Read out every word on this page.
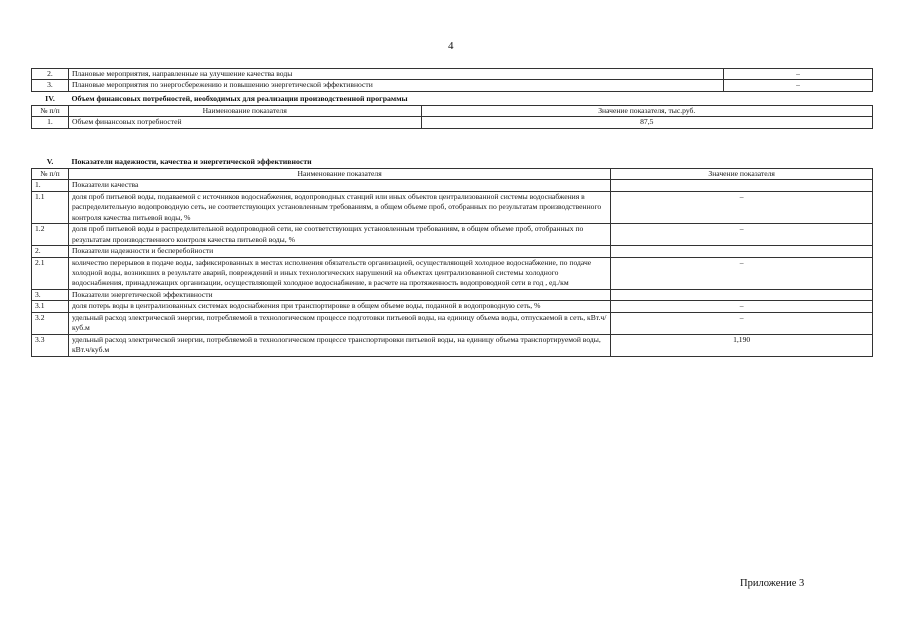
4
2.	Плановые мероприятия, направленные на улучшение качества воды	–
3.	Плановые мероприятия по энергосбережению и повышению энергетической эффективности	–
IV.	Объем финансовых потребностей, необходимых для реализации производственной программы	
№ п/п	Наименование показателя	Значение показателя, тыс.руб.
1.	Объем финансовых потребностей	87,5
V.	Показатели надежности, качества и энергетической эффективности	
№ п/п	Наименование показателя	Значение показателя
1.	Показатели качества	
1.1	доля проб питьевой воды, подаваемой с источников водоснабжения, водопроводных станций или иных объектов централизованной системы водоснабжения в распределительную водопроводную сеть, не соответствующих установленным требованиям, в общем объеме проб, отобранных по результатам производственного контроля качества питьевой воды, %	–
1.2	доля проб питьевой воды в распределительной водопроводной сети, не соответствующих установленным требованиям, в общем объеме проб, отобранных по результатам производственного контроля качества питьевой воды, %	–
2.	Показатели надежности и бесперебойности	
2.1	количество перерывов в подаче воды, зафиксированных в местах исполнения обязательств организацией, осуществляющей холодное водоснабжение, по подаче холодной воды, возникших в результате аварий, повреждений и иных технологических нарушений на объектах централизованной системы холодного водоснабжения, принадлежащих организации, осуществляющей холодное водоснабжение, в расчете на протяженность водопроводной сети в год , ед./км	–
3.	Показатели энергетической эффективности	
3.1	доля потерь воды в централизованных системах водоснабжения при транспортировке в общем объеме воды, поданной в водопроводную сеть, %	–
3.2	удельный расход электрической энергии, потребляемой в технологическом процессе подготовки питьевой воды, на единицу объема воды, отпускаемой в сеть, кВт.ч/куб.м	–
3.3	удельный расход электрической энергии, потребляемой в технологическом процессе транспортировки питьевой воды, на единицу объема транспортируемой воды, кВт.ч/куб.м	1,190
Приложение 3
